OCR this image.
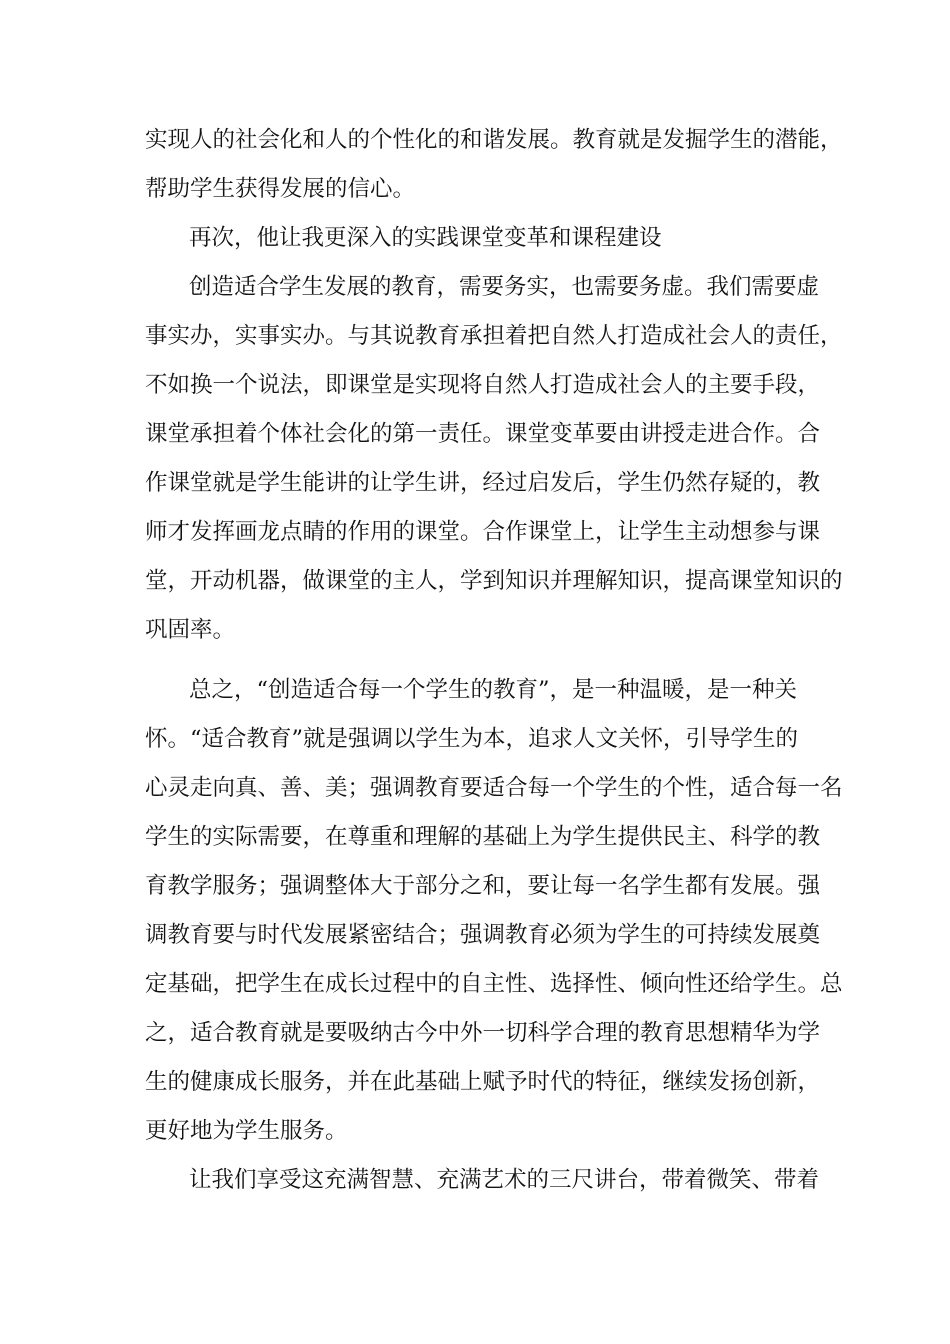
实现人的社会化和人的个性化的和谐发展。教育就是发掘学生的潜能，
帮助学生获得发展的信心。
再次，他让我更深入的实践课堂变革和课程建设
创造适合学生发展的教育，需要务实，也需要务虚。我们需要虚
事实办，实事实办。与其说教育承担着把自然人打造成社会人的责任，
不如换一个说法，即课堂是实现将自然人打造成社会人的主要手段，
课堂承担着个体社会化的第一责任。课堂变革要由讲授走进合作。合
作课堂就是学生能讲的让学生讲，经过启发后，学生仍然存疑的，教
师才发挥画龙点睛的作用的课堂。合作课堂上，让学生主动想参与课
堂，开动机器，做课堂的主人，学到知识并理解知识，提高课堂知识的
巩固率。
总之，“创造适合每一个学生的教育”，是一种温暖，是一种关
怀。“适合教育”就是强调以学生为本，追求人文关怀，引导学生的
心灵走向真、善、美；强调教育要适合每一个学生的个性，适合每一名
学生的实际需要，在尊重和理解的基础上为学生提供民主、科学的教
育教学服务；强调整体大于部分之和，要让每一名学生都有发展。强
调教育要与时代发展紧密结合；强调教育必须为学生的可持续发展奠
定基础，把学生在成长过程中的自主性、选择性、倾向性还给学生。总
之，适合教育就是要吸纳古今中外一切科学合理的教育思想精华为学
生的健康成长服务，并在此基础上赋予时代的特征，继续发扬创新，
更好地为学生服务。
让我们享受这充满智慧、充满艺术的三尺讲台，带着微笑、带着
